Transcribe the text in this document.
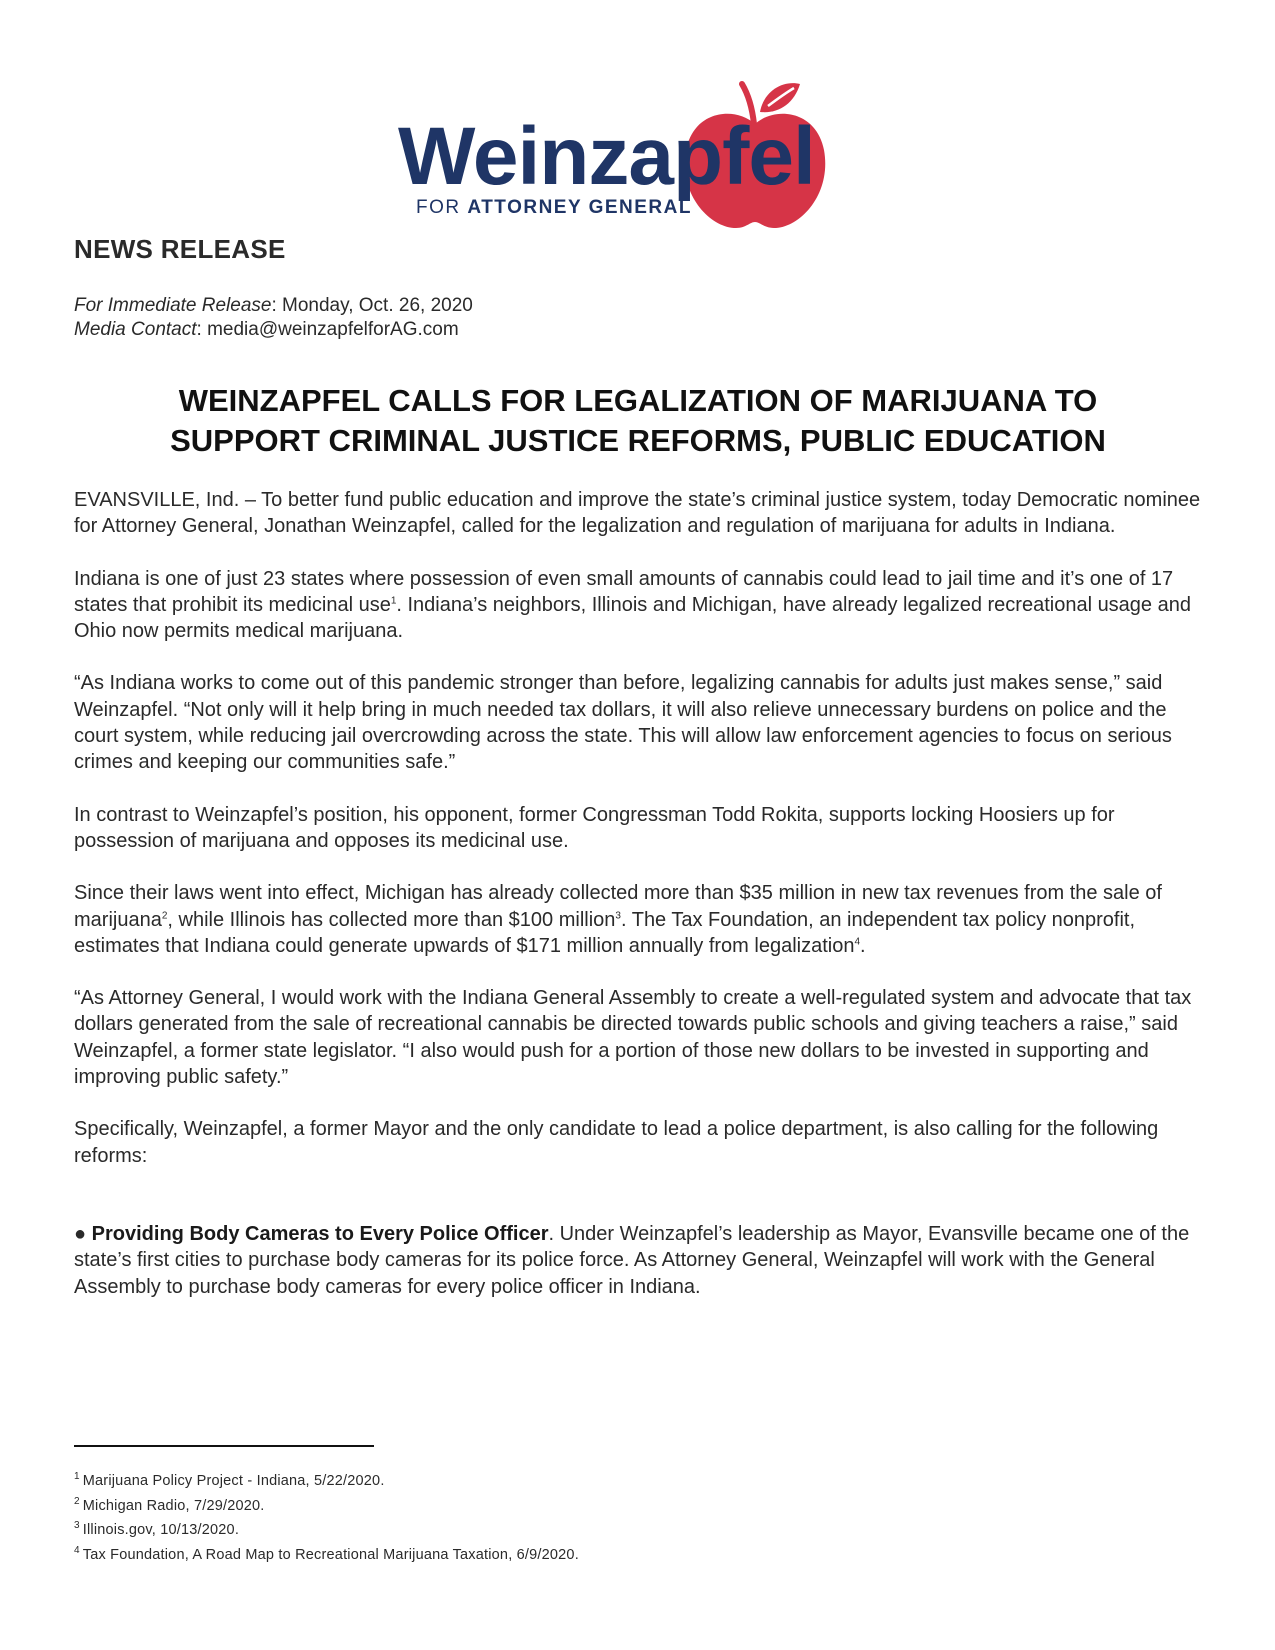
Weinzapfel
FOR ATTORNEY GENERAL
NEWS RELEASE
For Immediate Release: Monday, Oct. 26, 2020
Media Contact: media@weinzapfelforAG.com
WEINZAPFEL CALLS FOR LEGALIZATION OF MARIJUANA TO
SUPPORT CRIMINAL JUSTICE REFORMS, PUBLIC EDUCATION

EVANSVILLE, Ind. – To better fund public education and improve the state’s criminal justice system, today Democratic nominee for Attorney General, Jonathan Weinzapfel, called for the legalization and regulation of marijuana for adults in Indiana.

Indiana is one of just 23 states where possession of even small amounts of cannabis could lead to jail time and it’s one of 17 states that prohibit its medicinal use$^1$. Indiana’s neighbors, Illinois and Michigan, have already legalized recreational usage and Ohio now permits medical marijuana.

“As Indiana works to come out of this pandemic stronger than before, legalizing cannabis for adults just makes sense,” said Weinzapfel. “Not only will it help bring in much needed tax dollars, it will also relieve unnecessary burdens on police and the court system, while reducing jail overcrowding across the state. This will allow law enforcement agencies to focus on serious crimes and keeping our communities safe.”

In contrast to Weinzapfel’s position, his opponent, former Congressman Todd Rokita, supports locking Hoosiers up for possession of marijuana and opposes its medicinal use.

Since their laws went into effect, Michigan has already collected more than $35 million in new tax revenues from the sale of marijuana$^2$, while Illinois has collected more than $100 million$^3$. The Tax Foundation, an independent tax policy nonprofit, estimates that Indiana could generate upwards of $171 million annually from legalization$^4$.

“As Attorney General, I would work with the Indiana General Assembly to create a well-regulated system and advocate that tax dollars generated from the sale of recreational cannabis be directed towards public schools and giving teachers a raise,” said Weinzapfel, a former state legislator. “I also would push for a portion of those new dollars to be invested in supporting and improving public safety.”

Specifically, Weinzapfel, a former Mayor and the only candidate to lead a police department, is also calling for the following reforms:

● Providing Body Cameras to Every Police Officer. Under Weinzapfel’s leadership as Mayor, Evansville became one of the state’s first cities to purchase body cameras for its police force. As Attorney General, Weinzapfel will work with the General Assembly to purchase body cameras for every police officer in Indiana.

$^1$ Marijuana Policy Project - Indiana, 5/22/2020.
$^2$ Michigan Radio, 7/29/2020.
$^3$ Illinois.gov, 10/13/2020.
$^4$ Tax Foundation, A Road Map to Recreational Marijuana Taxation, 6/9/2020.
